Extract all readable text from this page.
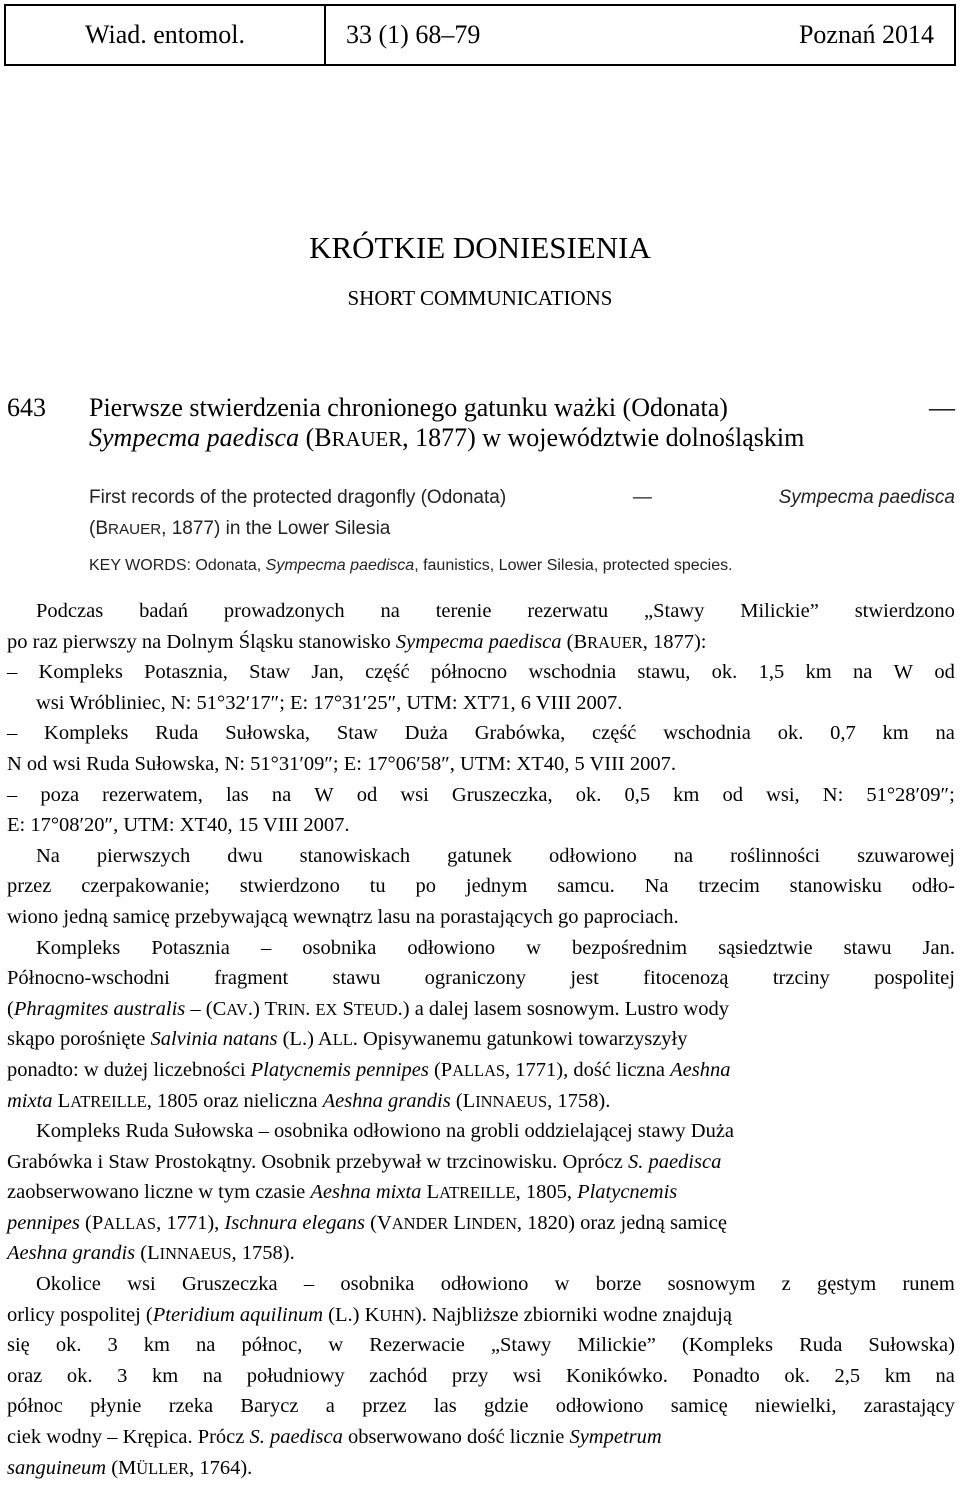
Wiad. entomol.	33 (1) 68–79	Poznań 2014
KRÓTKIE DONIESIENIA
SHORT COMMUNICATIONS
643 Pierwsze stwierdzenia chronionego gatunku ważki (Odonata)	—
Sympecma paedisca (BRAUER, 1877) w województwie dolnośląskim
First records of the protected dragonfly (Odonata)	—	Sympecma paedisca
(BRAUER, 1877) in the Lower Silesia
KEY WORDS: Odonata, Sympecma paedisca, faunistics, Lower Silesia, protected species.
Podczas badań prowadzonych na terenie rezerwatu „Stawy Milickie” stwierdzono
po raz pierwszy na Dolnym Śląsku stanowisko Sympecma paedisca (BRAUER, 1877):
– Kompleks Potasznia, Staw Jan, część północno wschodnia stawu, ok. 1,5 km na W od
wsi Wróbliniec, N: 51°32′17″; E: 17°31′25″, UTM: XT71, 6 VIII 2007.
– Kompleks Ruda Sułowska, Staw Duża Grabówka, część wschodnia ok. 0,7 km na
N od wsi Ruda Sułowska, N: 51°31′09″; E: 17°06′58″, UTM: XT40, 5 VIII 2007.
– poza rezerwatem, las na W od wsi Gruszeczka, ok. 0,5 km od wsi, N: 51°28′09″;
E: 17°08′20″, UTM: XT40, 15 VIII 2007.
Na pierwszych dwu stanowiskach gatunek odłowiono na roślinności szuwarowej
przez czerpakowanie; stwierdzono tu po jednym samcu. Na trzecim stanowisku odło-
wiono jedną samicę przebywającą wewnątrz lasu na porastających go paprociach.
Kompleks Potasznia – osobnika odłowiono w bezpośrednim sąsiedztwie stawu Jan.
Północno-wschodni fragment stawu ograniczony jest fitocenozą trzciny pospolitej
(Phragmites australis – (CAV.) TRIN. EX STEUD.) a dalej lasem sosnowym. Lustro wody
skąpo porośnięte Salvinia natans (L.) ALL. Opisywanemu gatunkowi towarzyszyły
ponadto: w dużej liczebności Platycnemis pennipes (PALLAS, 1771), dość liczna Aeshna
mixta LATREILLE, 1805 oraz nieliczna Aeshna grandis (LINNAEUS, 1758).
Kompleks Ruda Sułowska – osobnika odłowiono na grobli oddzielającej stawy Duża
Grabówka i Staw Prostokątny. Osobnik przebywał w trzcinowisku. Oprócz S. paedisca
zaobserwowano liczne w tym czasie Aeshna mixta LATREILLE, 1805, Platycnemis
pennipes (PALLAS, 1771), Ischnura elegans (VANDER LINDEN, 1820) oraz jedną samicę
Aeshna grandis (LINNAEUS, 1758).
Okolice wsi Gruszeczka – osobnika odłowiono w borze sosnowym z gęstym runem
orlicy pospolitej (Pteridium aquilinum (L.) KUHN). Najbliższe zbiorniki wodne znajdują
się ok. 3 km na północ, w Rezerwacie „Stawy Milickie” (Kompleks Ruda Sułowska)
oraz ok. 3 km na południowy zachód przy wsi Konikówko. Ponadto ok. 2,5 km na
północ płynie rzeka Barycz a przez las gdzie odłowiono samicę niewielki, zarastający
ciek wodny – Krępica. Prócz S. paedisca obserwowano dość licznie Sympetrum
sanguineum (MÜLLER, 1764).
